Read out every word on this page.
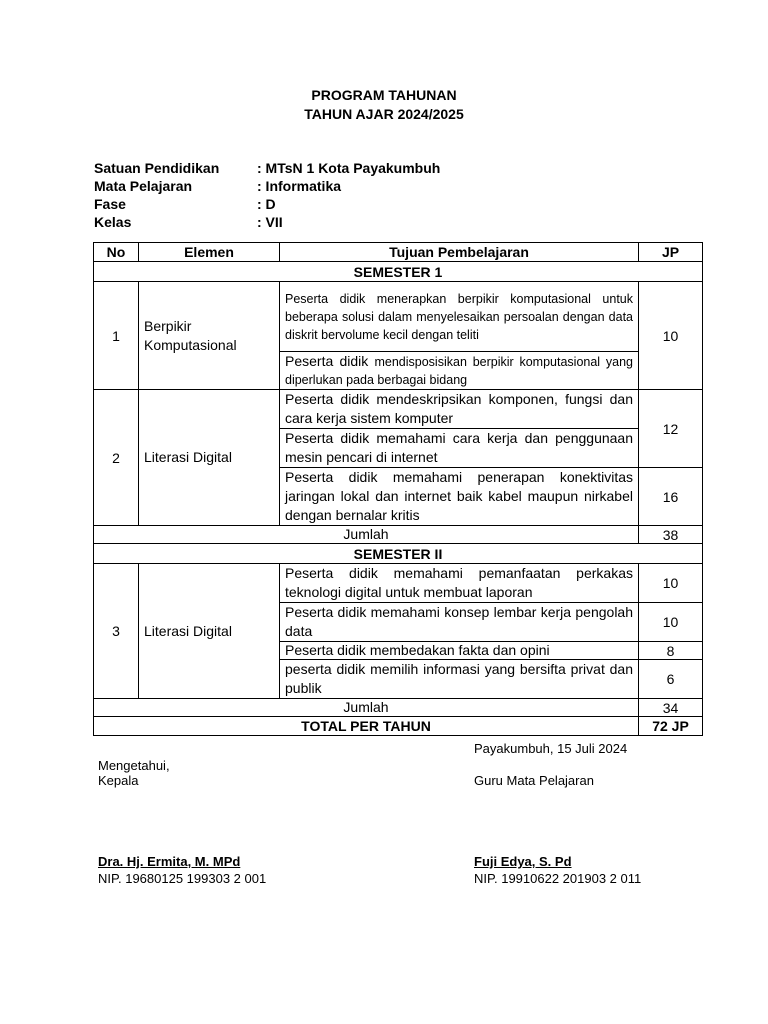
PROGRAM TAHUNAN
TAHUN AJAR 2024/2025
Satuan Pendidikan	: MTsN 1 Kota Payakumbuh
Mata Pelajaran	: Informatika
Fase	: D
Kelas	: VII
No	Elemen	Tujuan Pembelajaran	JP
SEMESTER 1			
1	Berpikir Komputasional	Peserta didik menerapkan berpikir komputasional untuk beberapa solusi dalam menyelesaikan persoalan dengan data diskrit bervolume kecil dengan teliti	10
		Peserta didik mendisposisikan berpikir komputasional yang diperlukan pada berbagai bidang	
2	Literasi Digital	Peserta didik mendeskripsikan komponen, fungsi dan cara kerja sistem komputer	12
		Peserta didik memahami cara kerja dan penggunaan mesin pencari di internet	
		Peserta didik memahami penerapan konektivitas jaringan lokal dan internet baik kabel maupun nirkabel dengan bernalar kritis	16
Jumlah			38
SEMESTER II			
3	Literasi Digital	Peserta didik memahami pemanfaatan perkakas teknologi digital untuk membuat laporan	10
		Peserta didik memahami konsep lembar kerja pengolah data	10
		Peserta didik membedakan fakta dan opini	8
		peserta didik memilih informasi yang bersifta privat dan publik	6
Jumlah			34
TOTAL PER TAHUN			72 JP
Payakumbuh, 15 Juli 2024
Mengetahui,
Kepala	Guru Mata Pelajaran
Dra. Hj. Ermita, M. MPd
NIP. 19680125 199303 2 001
Fuji Edya, S. Pd
NIP. 19910622 201903 2 011
